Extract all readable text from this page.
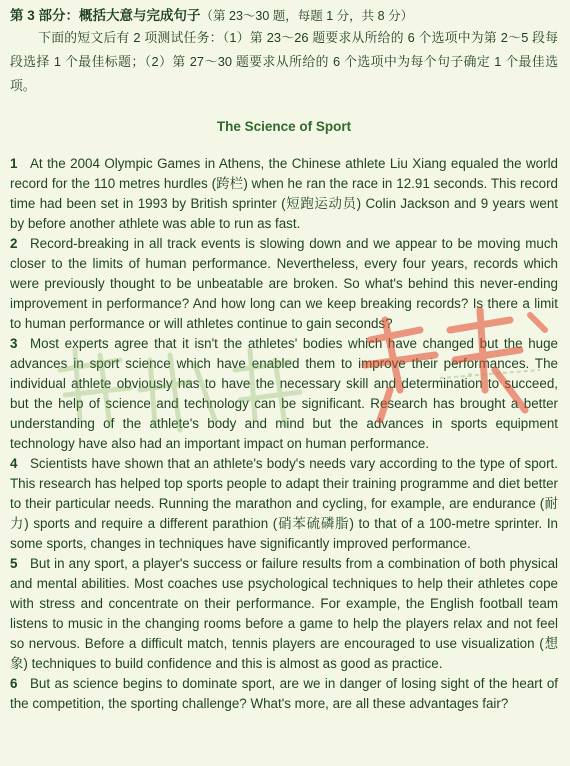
第 3 部分：概括大意与完成句子（第 23～30 题，每题 1 分，共 8 分）

下面的短文后有 2 项测试任务：（1）第 23～26 题要求从所给的 6 个选项中为第 2～5 段每段选择 1 个最佳标题；（2）第 27～30 题要求从所给的 6 个选项中为每个句子确定 1 个最佳选项。

The Science of Sport

1 At the 2004 Olympic Games in Athens, the Chinese athlete Liu Xiang equaled the world record for the 110 metres hurdles (跨栏) when he ran the race in 12.91 seconds. This record time had been set in 1993 by British sprinter (短跑运动员) Colin Jackson and 9 years went by before another athlete was able to run as fast.

2 Record-breaking in all track events is slowing down and we appear to be moving much closer to the limits of human performance. Nevertheless, every four years, records which were previously thought to be unbeatable are broken. So what's behind this never-ending improvement in performance? And how long can we keep breaking records? Is there a limit to human performance or will athletes continue to gain seconds?

3 Most experts agree that it isn't the athletes' bodies which have changed but the huge advances in sport science which have enabled them to improve their performances. The individual athlete obviously has to have the necessary skill and determination to succeed, but the help of science and technology can be significant. Research has brought a better understanding of the athlete's body and mind but the advances in sports equipment technology have also had an important impact on human performance.

4 Scientists have shown that an athlete's body's needs vary according to the type of sport. This research has helped top sports people to adapt their training programme and diet better to their particular needs. Running the marathon and cycling, for example, are endurance (耐力) sports and require a different parathion (硝苯硫磷脂) to that of a 100-metre sprinter. In some sports, changes in techniques have significantly improved performance.

5 But in any sport, a player's success or failure results from a combination of both physical and mental abilities. Most coaches use psychological techniques to help their athletes cope with stress and concentrate on their performance. For example, the English football team listens to music in the changing rooms before a game to help the players relax and not feel so nervous. Before a difficult match, tennis players are encouraged to use visualization (想象) techniques to build confidence and this is almost as good as practice.

6 But as science begins to dominate sport, are we in danger of losing sight of the heart of the competition, the sporting challenge? What's more, are all these advantages fair?
